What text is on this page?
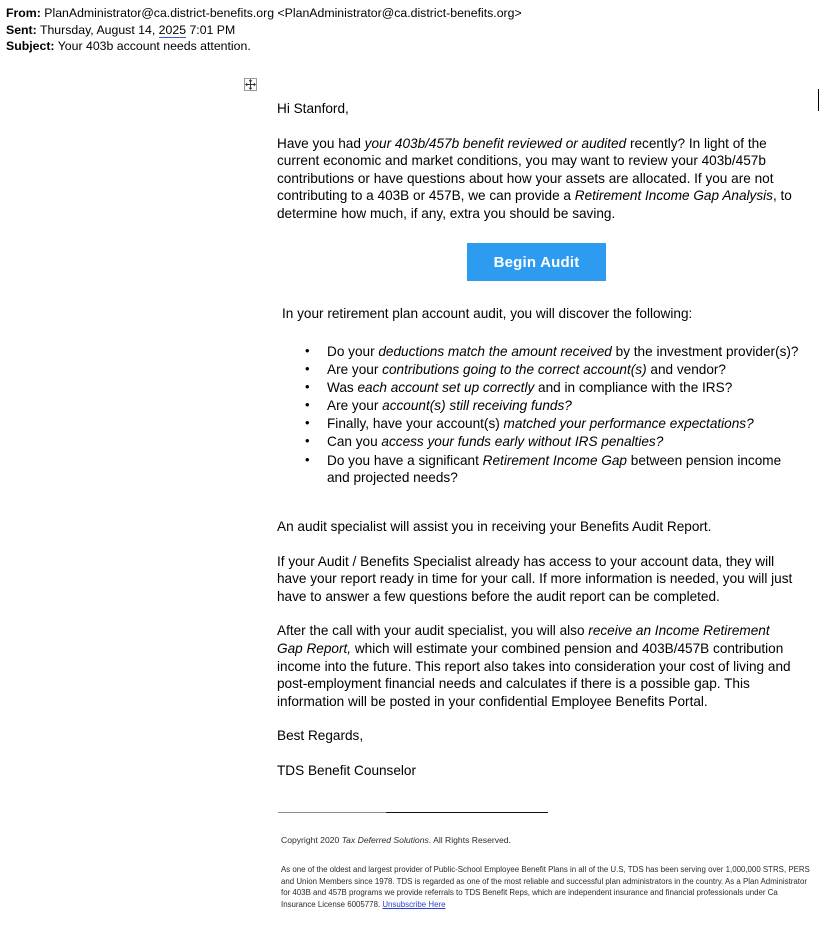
From: PlanAdministrator@ca.district-benefits.org <PlanAdministrator@ca.district-benefits.org>
Sent: Thursday, August 14, 2025 7:01 PM
Subject: Your 403b account needs attention.

Hi Stanford,

Have you had your 403b/457b benefit reviewed or audited recently? In light of the current economic and market conditions, you may want to review your 403b/457b contributions or have questions about how your assets are allocated. If you are not contributing to a 403B or 457B, we can provide a Retirement Income Gap Analysis, to determine how much, if any, extra you should be saving.

Begin Audit

In your retirement plan account audit, you will discover the following:

• Do your deductions match the amount received by the investment provider(s)?
• Are your contributions going to the correct account(s) and vendor?
• Was each account set up correctly and in compliance with the IRS?
• Are your account(s) still receiving funds?
• Finally, have your account(s) matched your performance expectations?
• Can you access your funds early without IRS penalties?
• Do you have a significant Retirement Income Gap between pension income and projected needs?

An audit specialist will assist you in receiving your Benefits Audit Report.

If your Audit / Benefits Specialist already has access to your account data, they will have your report ready in time for your call. If more information is needed, you will just have to answer a few questions before the audit report can be completed.

After the call with your audit specialist, you will also receive an Income Retirement Gap Report, which will estimate your combined pension and 403B/457B contribution income into the future. This report also takes into consideration your cost of living and post-employment financial needs and calculates if there is a possible gap. This information will be posted in your confidential Employee Benefits Portal.

Best Regards,

TDS Benefit Counselor

Copyright 2020 Tax Deferred Solutions. All Rights Reserved.
As one of the oldest and largest provider of Public-School Employee Benefit Plans in all of the U.S, TDS has been serving over 1,000,000 STRS, PERS and Union Members since 1978. TDS is regarded as one of the most reliable and successful plan administrators in the country. As a Plan Administrator for 403B and 457B programs we provide referrals to TDS Benefit Reps, which are independent insurance and financial professionals under Ca Insurance License 6005778. Unsubscribe Here
